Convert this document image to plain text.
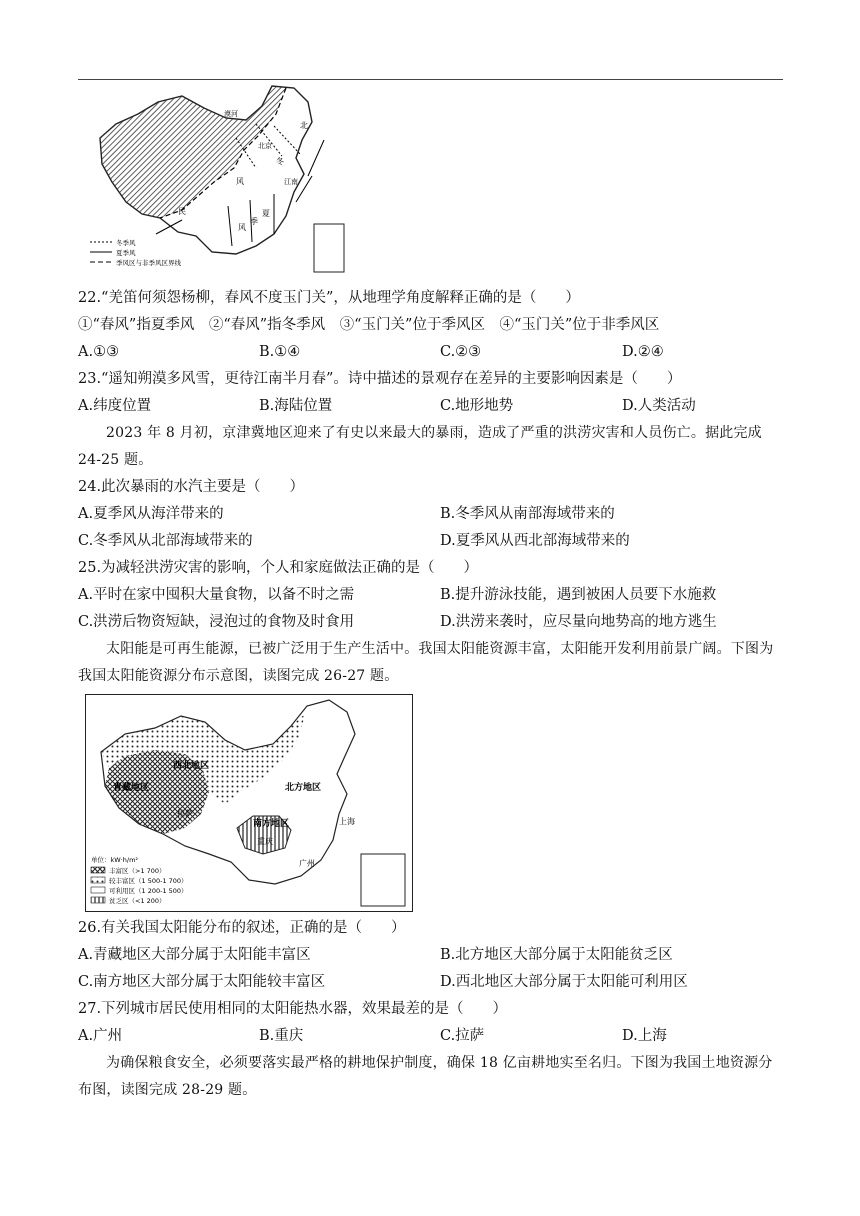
漠河
北京
江南
北
冬
风
夏
季
风
民
冬季风
夏季风
季风区与非季风区界线
22.“羌笛何须怨杨柳，春风不度玉门关”，从地理学角度解释正确的是（　　）
①“春风”指夏季风　②“春风”指冬季风　③“玉门关”位于季风区　④“玉门关”位于非季风区
A.①③	B.①④	C.②③	D.②④
23.“遥知朔漠多风雪，更待江南半月春”。诗中描述的景观存在差异的主要影响因素是（　　）
A.纬度位置	B.海陆位置	C.地形地势	D.人类活动
2023 年 8 月初，京津冀地区迎来了有史以来最大的暴雨，造成了严重的洪涝灾害和人员伤亡。据此完成 24-25 题。
24.此次暴雨的水汽主要是（　　）
A.夏季风从海洋带来的	B.冬季风从南部海域带来的
C.冬季风从北部海域带来的	D.夏季风从西北部海域带来的
25.为减轻洪涝灾害的影响，个人和家庭做法正确的是（　　）
A.平时在家中囤积大量食物，以备不时之需	B.提升游泳技能，遇到被困人员要下水施救
C.洪涝后物资短缺，浸泡过的食物及时食用	D.洪涝来袭时，应尽量向地势高的地方逃生
太阳能是可再生能源，已被广泛用于生产生活中。我国太阳能资源丰富，太阳能开发利用前景广阔。下图为我国太阳能资源分布示意图，读图完成 26-27 题。
西北地区
青藏地区
拉萨
北方地区
南方地区
重庆
上海
广州
单位：kW·h/m²
丰富区（>1 700）
较丰富区（1 500-1 700）
可利用区（1 200-1 500）
贫乏区（<1 200）
26.有关我国太阳能分布的叙述，正确的是（　　）
A.青藏地区大部分属于太阳能丰富区	B.北方地区大部分属于太阳能贫乏区
C.南方地区大部分属于太阳能较丰富区	D.西北地区大部分属于太阳能可利用区
27.下列城市居民使用相同的太阳能热水器，效果最差的是（　　）
A.广州	B.重庆	C.拉萨	D.上海
为确保粮食安全，必须要落实最严格的耕地保护制度，确保 18 亿亩耕地实至名归。下图为我国土地资源分布图，读图完成 28-29 题。
